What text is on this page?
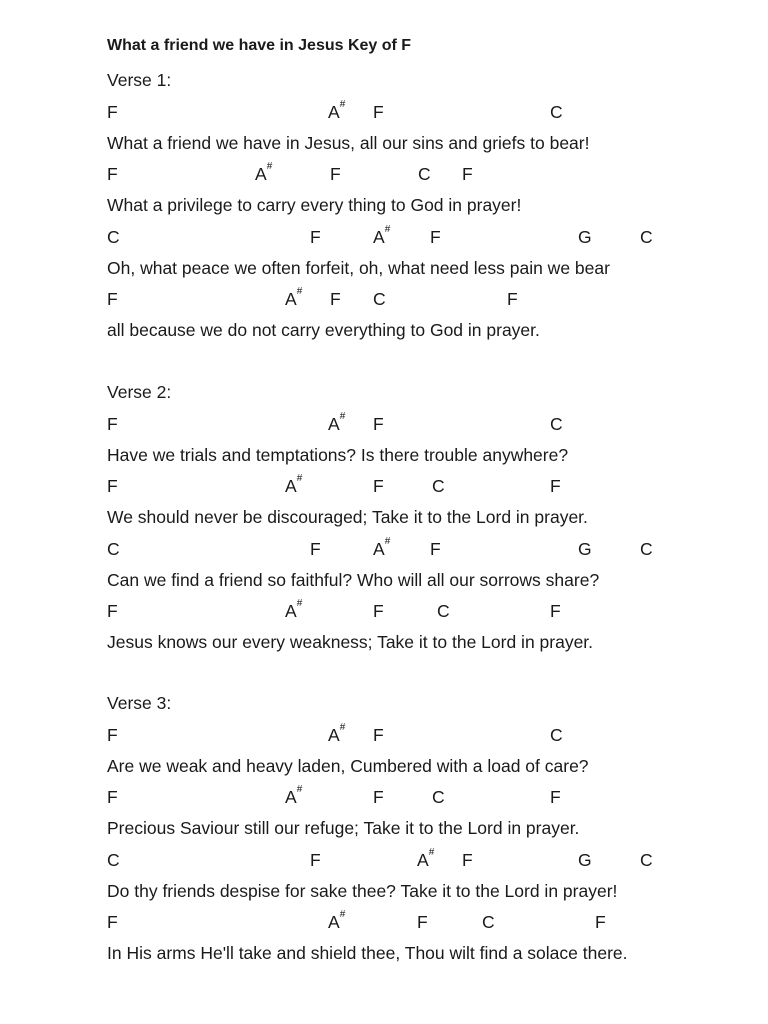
What a friend we have in Jesus Key of F
Verse 1:
F	A# F	C
What a friend we have in Jesus, all our sins and griefs to bear!
F	A#	F	C F
What a privilege to carry every thing to God in prayer!
C	F	A# F	G	C
Oh, what peace we often forfeit, oh, what need less pain we bear
F	A# F C	F
all because we do not carry everything to God in prayer.
Verse 2:
F	A# F	C
Have we trials and temptations? Is there trouble anywhere?
F	A#	F	C	F
We should never be discouraged; Take it to the Lord in prayer.
C	F	A# F	G	C
Can we find a friend so faithful? Who will all our sorrows share?
F	A#	F	C	F
Jesus knows our every weakness; Take it to the Lord in prayer.
Verse 3:
F	A# F	C
Are we weak and heavy laden, Cumbered with a load of care?
F	A#	F	C	F
Precious Saviour still our refuge; Take it to the Lord in prayer.
C	F	A# F	G	C
Do thy friends despise for sake thee? Take it to the Lord in prayer!
F	A#	F	C	F
In His arms He'll take and shield thee, Thou wilt find a solace there.
